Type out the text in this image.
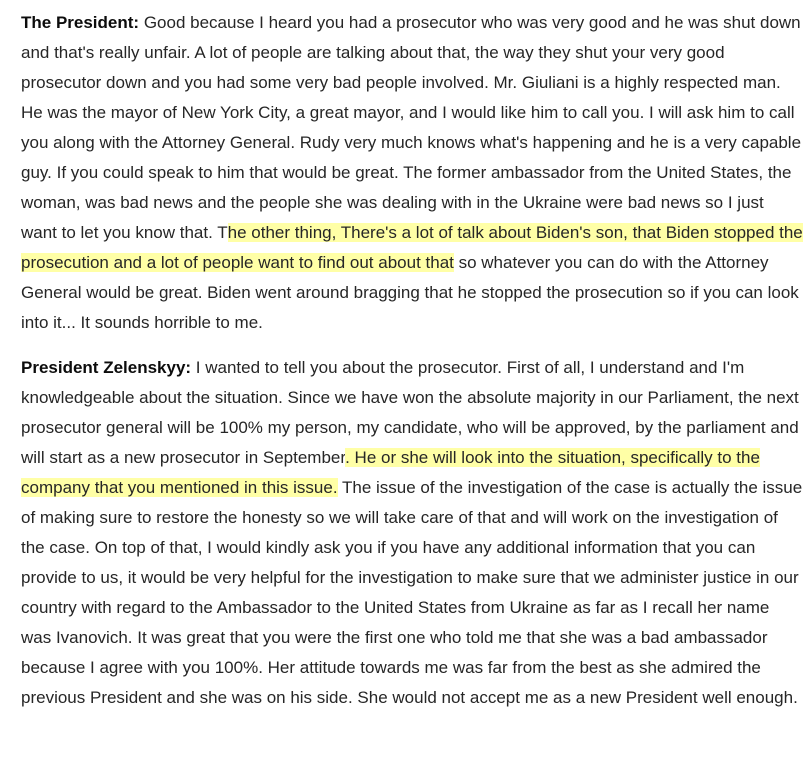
The President: Good because I heard you had a prosecutor who was very good and he was shut down and that's really unfair. A lot of people are talking about that, the way they shut your very good prosecutor down and you had some very bad people involved. Mr. Giuliani is a highly respected man. He was the mayor of New York City, a great mayor, and I would like him to call you. I will ask him to call you along with the Attorney General. Rudy very much knows what's happening and he is a very capable guy. If you could speak to him that would be great. The former ambassador from the United States, the woman, was bad news and the people she was dealing with in the Ukraine were bad news so I just want to let you know that. The other thing, There's a lot of talk about Biden's son, that Biden stopped the prosecution and a lot of people want to find out about that so whatever you can do with the Attorney General would be great. Biden went around bragging that he stopped the prosecution so if you can look into it... It sounds horrible to me.

President Zelenskyy: I wanted to tell you about the prosecutor. First of all, I understand and I'm knowledgeable about the situation. Since we have won the absolute majority in our Parliament, the next prosecutor general will be 100% my person, my candidate, who will be approved, by the parliament and will start as a new prosecutor in September. He or she will look into the situation, specifically to the company that you mentioned in this issue. The issue of the investigation of the case is actually the issue of making sure to restore the honesty so we will take care of that and will work on the investigation of the case. On top of that, I would kindly ask you if you have any additional information that you can provide to us, it would be very helpful for the investigation to make sure that we administer justice in our country with regard to the Ambassador to the United States from Ukraine as far as I recall her name was Ivanovich. It was great that you were the first one who told me that she was a bad ambassador because I agree with you 100%. Her attitude towards me was far from the best as she admired the previous President and she was on his side. She would not accept me as a new President well enough.
